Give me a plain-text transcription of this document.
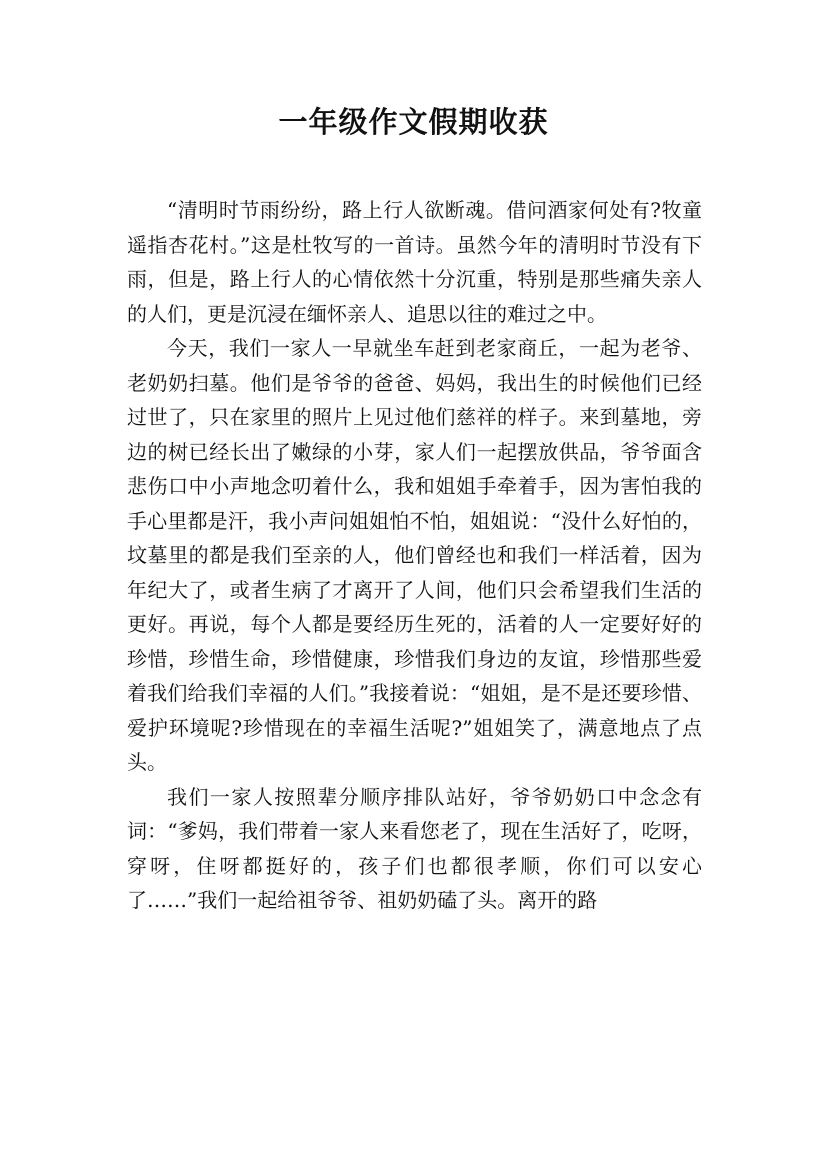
一年级作文假期收获

“清明时节雨纷纷，路上行人欲断魂。借问酒家何处有?牧童遥指杏花村。”这是杜牧写的一首诗。虽然今年的清明时节没有下雨，但是，路上行人的心情依然十分沉重，特别是那些痛失亲人的人们，更是沉浸在缅怀亲人、追思以往的难过之中。

今天，我们一家人一早就坐车赶到老家商丘，一起为老爷、老奶奶扫墓。他们是爷爷的爸爸、妈妈，我出生的时候他们已经过世了，只在家里的照片上见过他们慈祥的样子。来到墓地，旁边的树已经长出了嫩绿的小芽，家人们一起摆放供品，爷爷面含悲伤口中小声地念叨着什么，我和姐姐手牵着手，因为害怕我的手心里都是汗，我小声问姐姐怕不怕，姐姐说：“没什么好怕的，坟墓里的都是我们至亲的人，他们曾经也和我们一样活着，因为年纪大了，或者生病了才离开了人间，他们只会希望我们生活的更好。再说，每个人都是要经历生死的，活着的人一定要好好的珍惜，珍惜生命，珍惜健康，珍惜我们身边的友谊，珍惜那些爱着我们给我们幸福的人们。”我接着说：“姐姐，是不是还要珍惜、爱护环境呢?珍惜现在的幸福生活呢?”姐姐笑了，满意地点了点头。

我们一家人按照辈分顺序排队站好，爷爷奶奶口中念念有词：“爹妈，我们带着一家人来看您老了，现在生活好了，吃呀，穿呀，住呀都挺好的，孩子们也都很孝顺，你们可以安心了……”我们一起给祖爷爷、祖奶奶磕了头。离开的路
